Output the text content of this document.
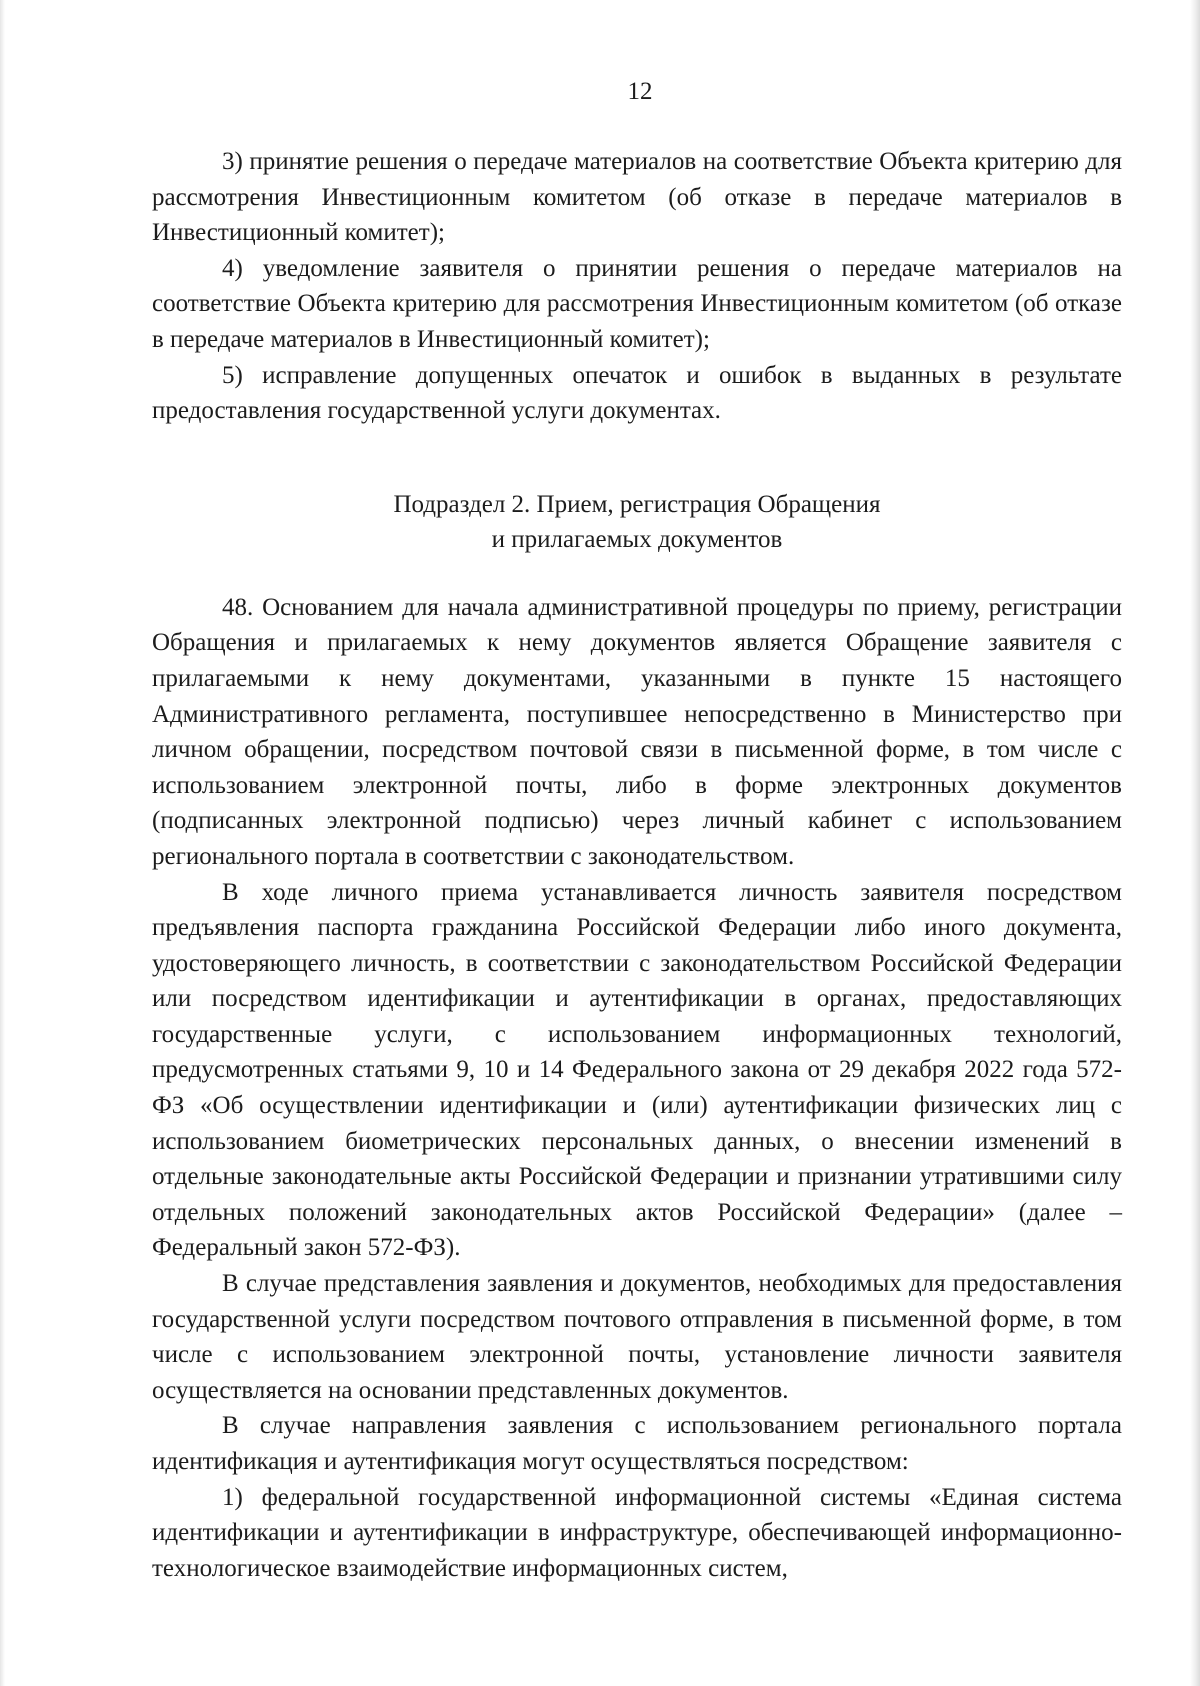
12

3) принятие решения о передаче материалов на соответствие Объекта критерию для рассмотрения Инвестиционным комитетом (об отказе в передаче материалов в Инвестиционный комитет);

4) уведомление заявителя о принятии решения о передаче материалов на соответствие Объекта критерию для рассмотрения Инвестиционным комитетом (об отказе в передаче материалов в Инвестиционный комитет);

5) исправление допущенных опечаток и ошибок в выданных в результате предоставления государственной услуги документах.

Подраздел 2. Прием, регистрация Обращения
и прилагаемых документов

48. Основанием для начала административной процедуры по приему, регистрации Обращения и прилагаемых к нему документов является Обращение заявителя с прилагаемыми к нему документами, указанными в пункте 15 настоящего Административного регламента, поступившее непосредственно в Министерство при личном обращении, посредством почтовой связи в письменной форме, в том числе с использованием электронной почты, либо в форме электронных документов (подписанных электронной подписью) через личный кабинет с использованием регионального портала в соответствии с законодательством.

В ходе личного приема устанавливается личность заявителя посредством предъявления паспорта гражданина Российской Федерации либо иного документа, удостоверяющего личность, в соответствии с законодательством Российской Федерации или посредством идентификации и аутентификации в органах, предоставляющих государственные услуги, с использованием информационных технологий, предусмотренных статьями 9, 10 и 14 Федерального закона от 29 декабря 2022 года 572-ФЗ «Об осуществлении идентификации и (или) аутентификации физических лиц с использованием биометрических персональных данных, о внесении изменений в отдельные законодательные акты Российской Федерации и признании утратившими силу отдельных положений законодательных актов Российской Федерации» (далее – Федеральный закон 572-ФЗ).

В случае представления заявления и документов, необходимых для предоставления государственной услуги посредством почтового отправления в письменной форме, в том числе с использованием электронной почты, установление личности заявителя осуществляется на основании представленных документов.

В случае направления заявления с использованием регионального портала идентификация и аутентификация могут осуществляться посредством:

1) федеральной государственной информационной системы «Единая система идентификации и аутентификации в инфраструктуре, обеспечивающей информационно-технологическое взаимодействие информационных систем,
